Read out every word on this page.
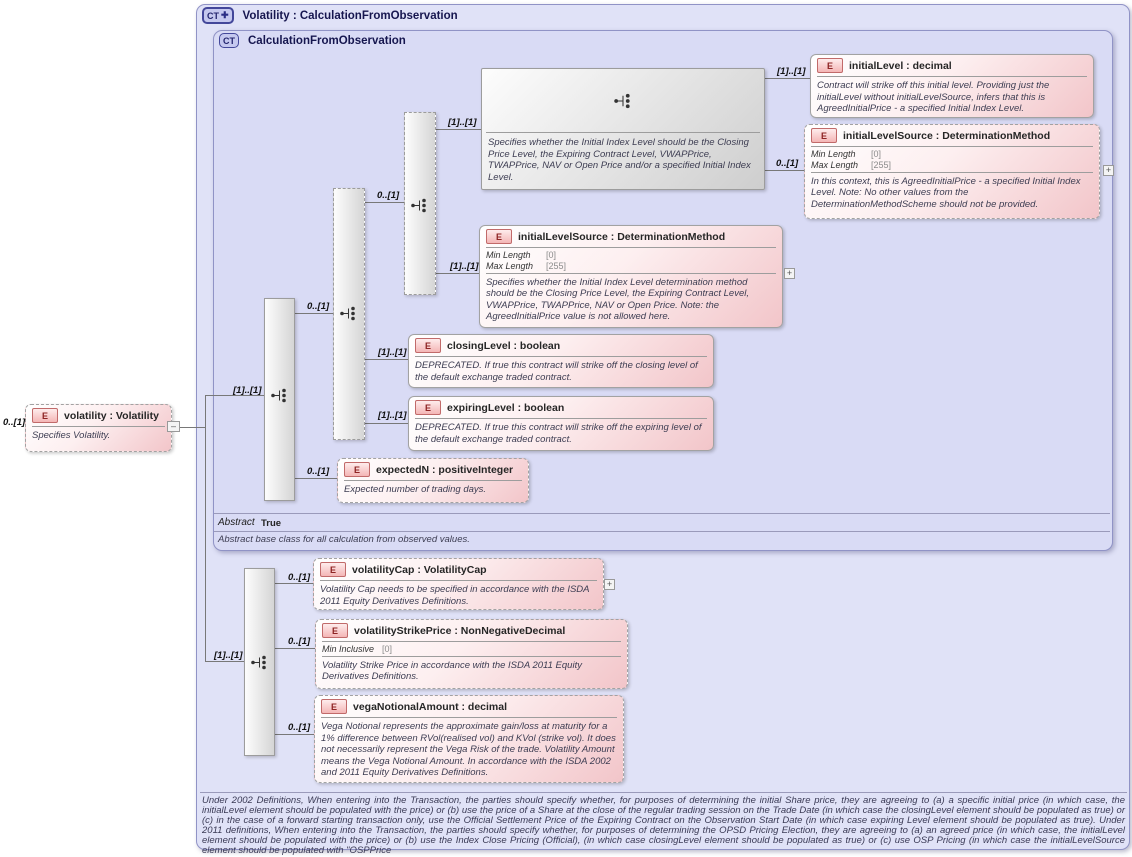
CT ✚ Volatility : CalculationFromObservation
CT CalculationFromObservation
Specifies whether the Initial Index Level should be the Closing Price Level, the Expiring Contract Level, VWAPPrice, TWAPPrice, NAV or Open Price and/or a specified Initial Index Level.
E	volatility : Volatility
Specifies Volatility.
E	initialLevel : decimal
Contract will strike off this initial level. Providing just the initialLevel without initialLevelSource, infers that this is AgreedInitialPrice - a specified Initial Index Level.
E	initialLevelSource : DeterminationMethod
Min Length	[0]
Max Length	[255]
In this context, this is AgreedInitialPrice - a specified Initial Index Level. Note: No other values from the DeterminationMethodScheme should not be provided.
E	initialLevelSource : DeterminationMethod
Min Length	[0]
Max Length	[255]
Specifies whether the Initial Index Level determination method should be the Closing Price Level, the Expiring Contract Level, VWAPPrice, TWAPPrice, NAV or Open Price. Note: the AgreedInitialPrice value is not allowed here.
E	closingLevel : boolean
DEPRECATED. If true this contract will strike off the closing level of the default exchange traded contract.
E	expiringLevel : boolean
DEPRECATED. If true this contract will strike off the expiring level of the default exchange traded contract.
E	expectedN : positiveInteger
Expected number of trading days.
E	volatilityCap : VolatilityCap
Volatility Cap needs to be specified in accordance with the ISDA 2011 Equity Derivatives Definitions.
E	volatilityStrikePrice : NonNegativeDecimal
Min Inclusive [0]
Volatility Strike Price in accordance with the ISDA 2011 Equity Derivatives Definitions.
E	vegaNotionalAmount : decimal
Vega Notional represents the approximate gain/loss at maturity for a 1% difference between RVol(realised vol) and KVol (strike vol). It does not necessarily represent the Vega Risk of the trade. Volatility Amount means the Vega Notional Amount. In accordance with the ISDA 2002 and 2011 Equity Derivatives Definitions.
0..[1]
[1]..[1]
0..[1]
0..[1]
[1]..[1]
[1]..[1]
0..[1]
[1]..[1]
[1]..[1]
[1]..[1]
0..[1]
[1]..[1]
0..[1]
0..[1]
0..[1]
–
+
+
+
Abstract True
Abstract base class for all calculation from observed values.
Under 2002 Definitions, When entering into the Transaction, the parties should specify whether, for purposes of determining the initial Share price, they are agreeing to (a) a specific initial price (in which case, the initialLevel element should be populated with the price) or (b) use the price of a Share at the close of the regular trading session on the Trade Date (in which case the closingLevel element should be populated as true) or (c) in the case of a forward starting transaction only, use the Official Settlement Price of the Expiring Contract on the Observation Start Date (in which case expiring Level element should be populated as true). Under 2011 definitions, When entering into the Transaction, the parties should specify whether, for purposes of determining the OPSD Pricing Election, they are agreeing to (a) an agreed price (in which case, the initialLevel element should be populated with the price) or (b) use the Index Close Pricing (Official), (in which case closingLevel element should be populated as true) or (c) use OSP Pricing (in which case the initialLevelSource element should be populated with "OSPPrice
